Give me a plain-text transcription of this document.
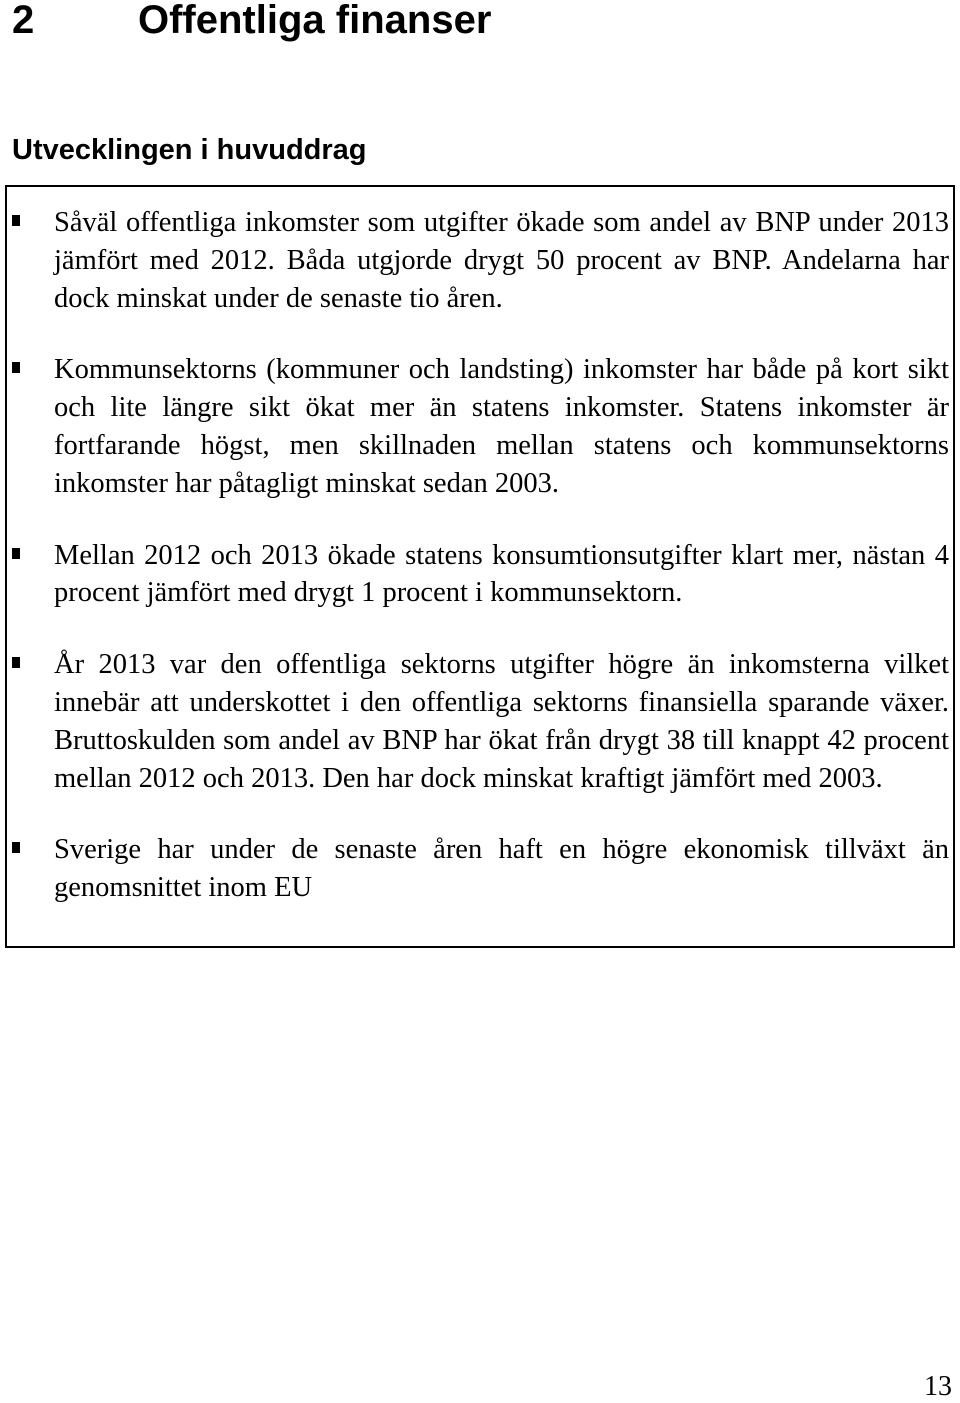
2	Offentliga finanser
Utvecklingen i huvuddrag
Såväl offentliga inkomster som utgifter ökade som andel av BNP under 2013 jämfört med 2012. Båda utgjorde drygt 50 procent av BNP. Andelarna har dock minskat under de senaste tio åren.
Kommunsektorns (kommuner och landsting) inkomster har både på kort sikt och lite längre sikt ökat mer än statens inkomster. Statens inkomster är fortfarande högst, men skillnaden mellan statens och kommunsektorns inkomster har påtagligt minskat sedan 2003.
Mellan 2012 och 2013 ökade statens konsumtionsutgifter klart mer, nästan 4 procent jämfört med drygt 1 procent i kommunsektorn.
År 2013 var den offentliga sektorns utgifter högre än inkomsterna vilket innebär att underskottet i den offentliga sektorns finansiella sparande växer. Bruttoskulden som andel av BNP har ökat från drygt 38 till knappt 42 procent mellan 2012 och 2013. Den har dock minskat kraftigt jämfört med 2003.
Sverige har under de senaste åren haft en högre ekonomisk tillväxt än genomsnittet inom EU
13
